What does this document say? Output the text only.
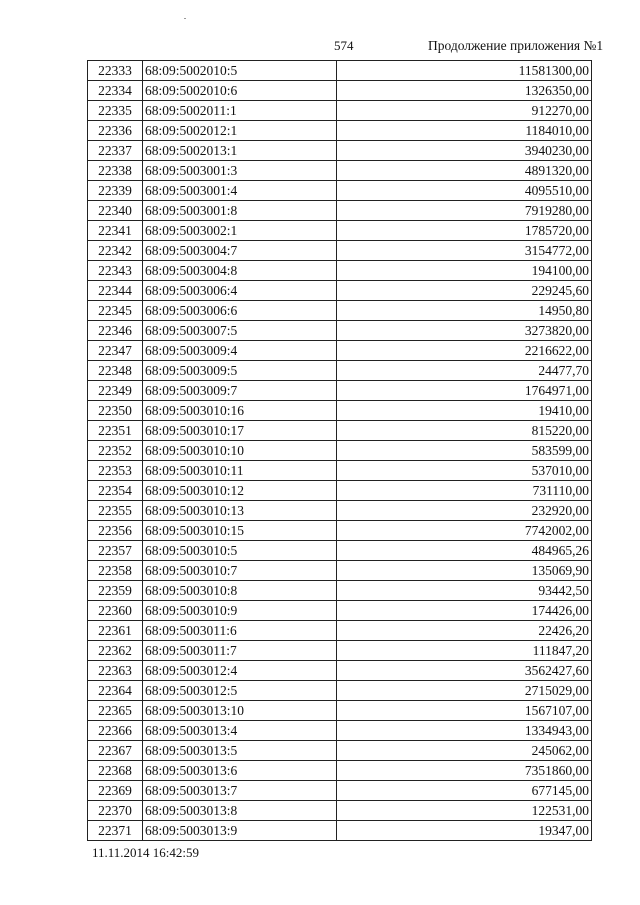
574	Продолжение приложения №1
22333	68:09:5002010:5	11581300,00
22334	68:09:5002010:6	1326350,00
22335	68:09:5002011:1	912270,00
22336	68:09:5002012:1	1184010,00
22337	68:09:5002013:1	3940230,00
22338	68:09:5003001:3	4891320,00
22339	68:09:5003001:4	4095510,00
22340	68:09:5003001:8	7919280,00
22341	68:09:5003002:1	1785720,00
22342	68:09:5003004:7	3154772,00
22343	68:09:5003004:8	194100,00
22344	68:09:5003006:4	229245,60
22345	68:09:5003006:6	14950,80
22346	68:09:5003007:5	3273820,00
22347	68:09:5003009:4	2216622,00
22348	68:09:5003009:5	24477,70
22349	68:09:5003009:7	1764971,00
22350	68:09:5003010:16	19410,00
22351	68:09:5003010:17	815220,00
22352	68:09:5003010:10	583599,00
22353	68:09:5003010:11	537010,00
22354	68:09:5003010:12	731110,00
22355	68:09:5003010:13	232920,00
22356	68:09:5003010:15	7742002,00
22357	68:09:5003010:5	484965,26
22358	68:09:5003010:7	135069,90
22359	68:09:5003010:8	93442,50
22360	68:09:5003010:9	174426,00
22361	68:09:5003011:6	22426,20
22362	68:09:5003011:7	111847,20
22363	68:09:5003012:4	3562427,60
22364	68:09:5003012:5	2715029,00
22365	68:09:5003013:10	1567107,00
22366	68:09:5003013:4	1334943,00
22367	68:09:5003013:5	245062,00
22368	68:09:5003013:6	7351860,00
22369	68:09:5003013:7	677145,00
22370	68:09:5003013:8	122531,00
22371	68:09:5003013:9	19347,00
11.11.2014 16:42:59
